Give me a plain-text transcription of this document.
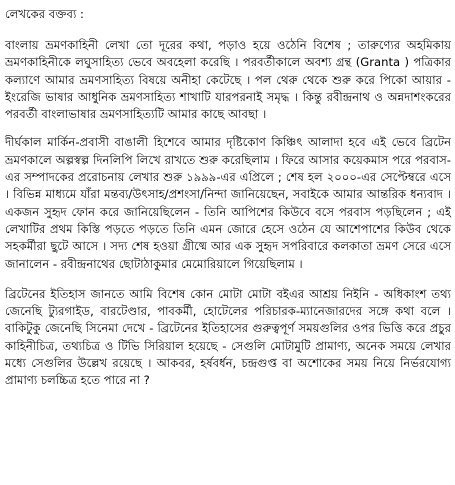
লেখকের বক্তব্য :

বাংলায় ভ্রমণকাহিনী লেখা তো দূরের কথা, পড়াও হয়ে ওঠেনি বিশেষ ; তারুণ্যের অহমিকায় ভ্রমণকাহিনীকে লঘুসাহিত্য ভেবে অবহেলা করেছি । পরবর্তীকালে অবশ্য গ্রন্থ (Granta ) পত্রিকার কল্যাণে আমার ভ্রমণসাহিত্য বিষয়ে অনীহা কেটেছে । পল থেরু থেকে শুরু করে পিকো আয়ার - ইংরেজি ভাষার আধুনিক ভ্রমণসাহিত্য শাখাটি যারপরনাই সমৃদ্ধ । কিন্তু রবীন্দ্রনাথ ও অন্নদাশংকরের পরবর্তী বাংলাভাষার ভ্রমণসাহিত্যটি আমার কাছে আবছা ।

দীর্ঘকাল মার্কিন-প্রবাসী বাঙালী হিশেবে আমার দৃষ্টিকোণ কিঞ্চিৎ আলাদা হবে এই ভেবে ব্রিটেন ভ্রমণকালে অল্পস্বল্প দিনলিপি লিখে রাখতে শুরু করেছিলাম । ফিরে আসার কয়েকমাস পরে পরবাস-এর সম্পাদকের প্ররোচনায় লেখার শুরু ১৯৯৯-এর এপ্রিলে ; শেষ হল ২০০০-এর সেপ্টেম্বরে এসে । বিভিন্ন মাধ্যমে যাঁরা মন্তব্য/উৎসাহ/প্রশংসা/নিন্দা জানিয়েছেন, সবাইকে আমার আন্তরিক ধন্যবাদ । একজন সুহৃদ ফোন করে জানিয়েছিলেন - তিনি আপিশের কিউবে বসে পরবাস পড়ছিলেন ; এই লেখাটির প্রথম কিস্তি পড়তে পড়তে তিনি এমন জোরে হেসে ওঠেন যে আশেপাশের কিউব থেকে সহকর্মীরা ছুটে আসে । সদ্য শেষ হওয়া গ্রীষ্মে আর এক সুহৃদ সপরিবারে কলকাতা ভ্রমণ সেরে এসে জানালেন - রবীন্দ্রনাথের ছোটাঠাকুমার মেমোরিয়ালে গিয়েছিলাম ।

ব্রিটেনের ইতিহাস জানতে আমি বিশেষ কোন মোটা মোটা বইএর আশ্রয় নিইনি - অধিকাংশ তথ্য জেনেছি ট্যুরগাইড, বারটেণ্ডার, পাবকর্মী, হোটেলের পরিচারক-ম্যানেজারদের সঙ্গে কথা বলে । বাকিটুকু জেনেছি সিনেমা দেখে - ব্রিটেনের ইতিহাসের গুরুত্বপূর্ণ সময়গুলির ওপর ভিত্তি করে প্রচুর কাহিনীচিত্র, তথ্যচিত্র ও টিভি সিরিয়াল হয়েছে - সেগুলি মোটামুটি প্রামাণ্য, অনেক সময়ে লেখার মধ্যে সেগুলির উল্লেখ রয়েছে । আকবর, হর্ষবর্ধন, চন্দ্রগুপ্ত বা অশোকের সময় নিয়ে নির্ভরযোগ্য প্রামাণ্য চলচ্চিত্র হতে পারে না ?
